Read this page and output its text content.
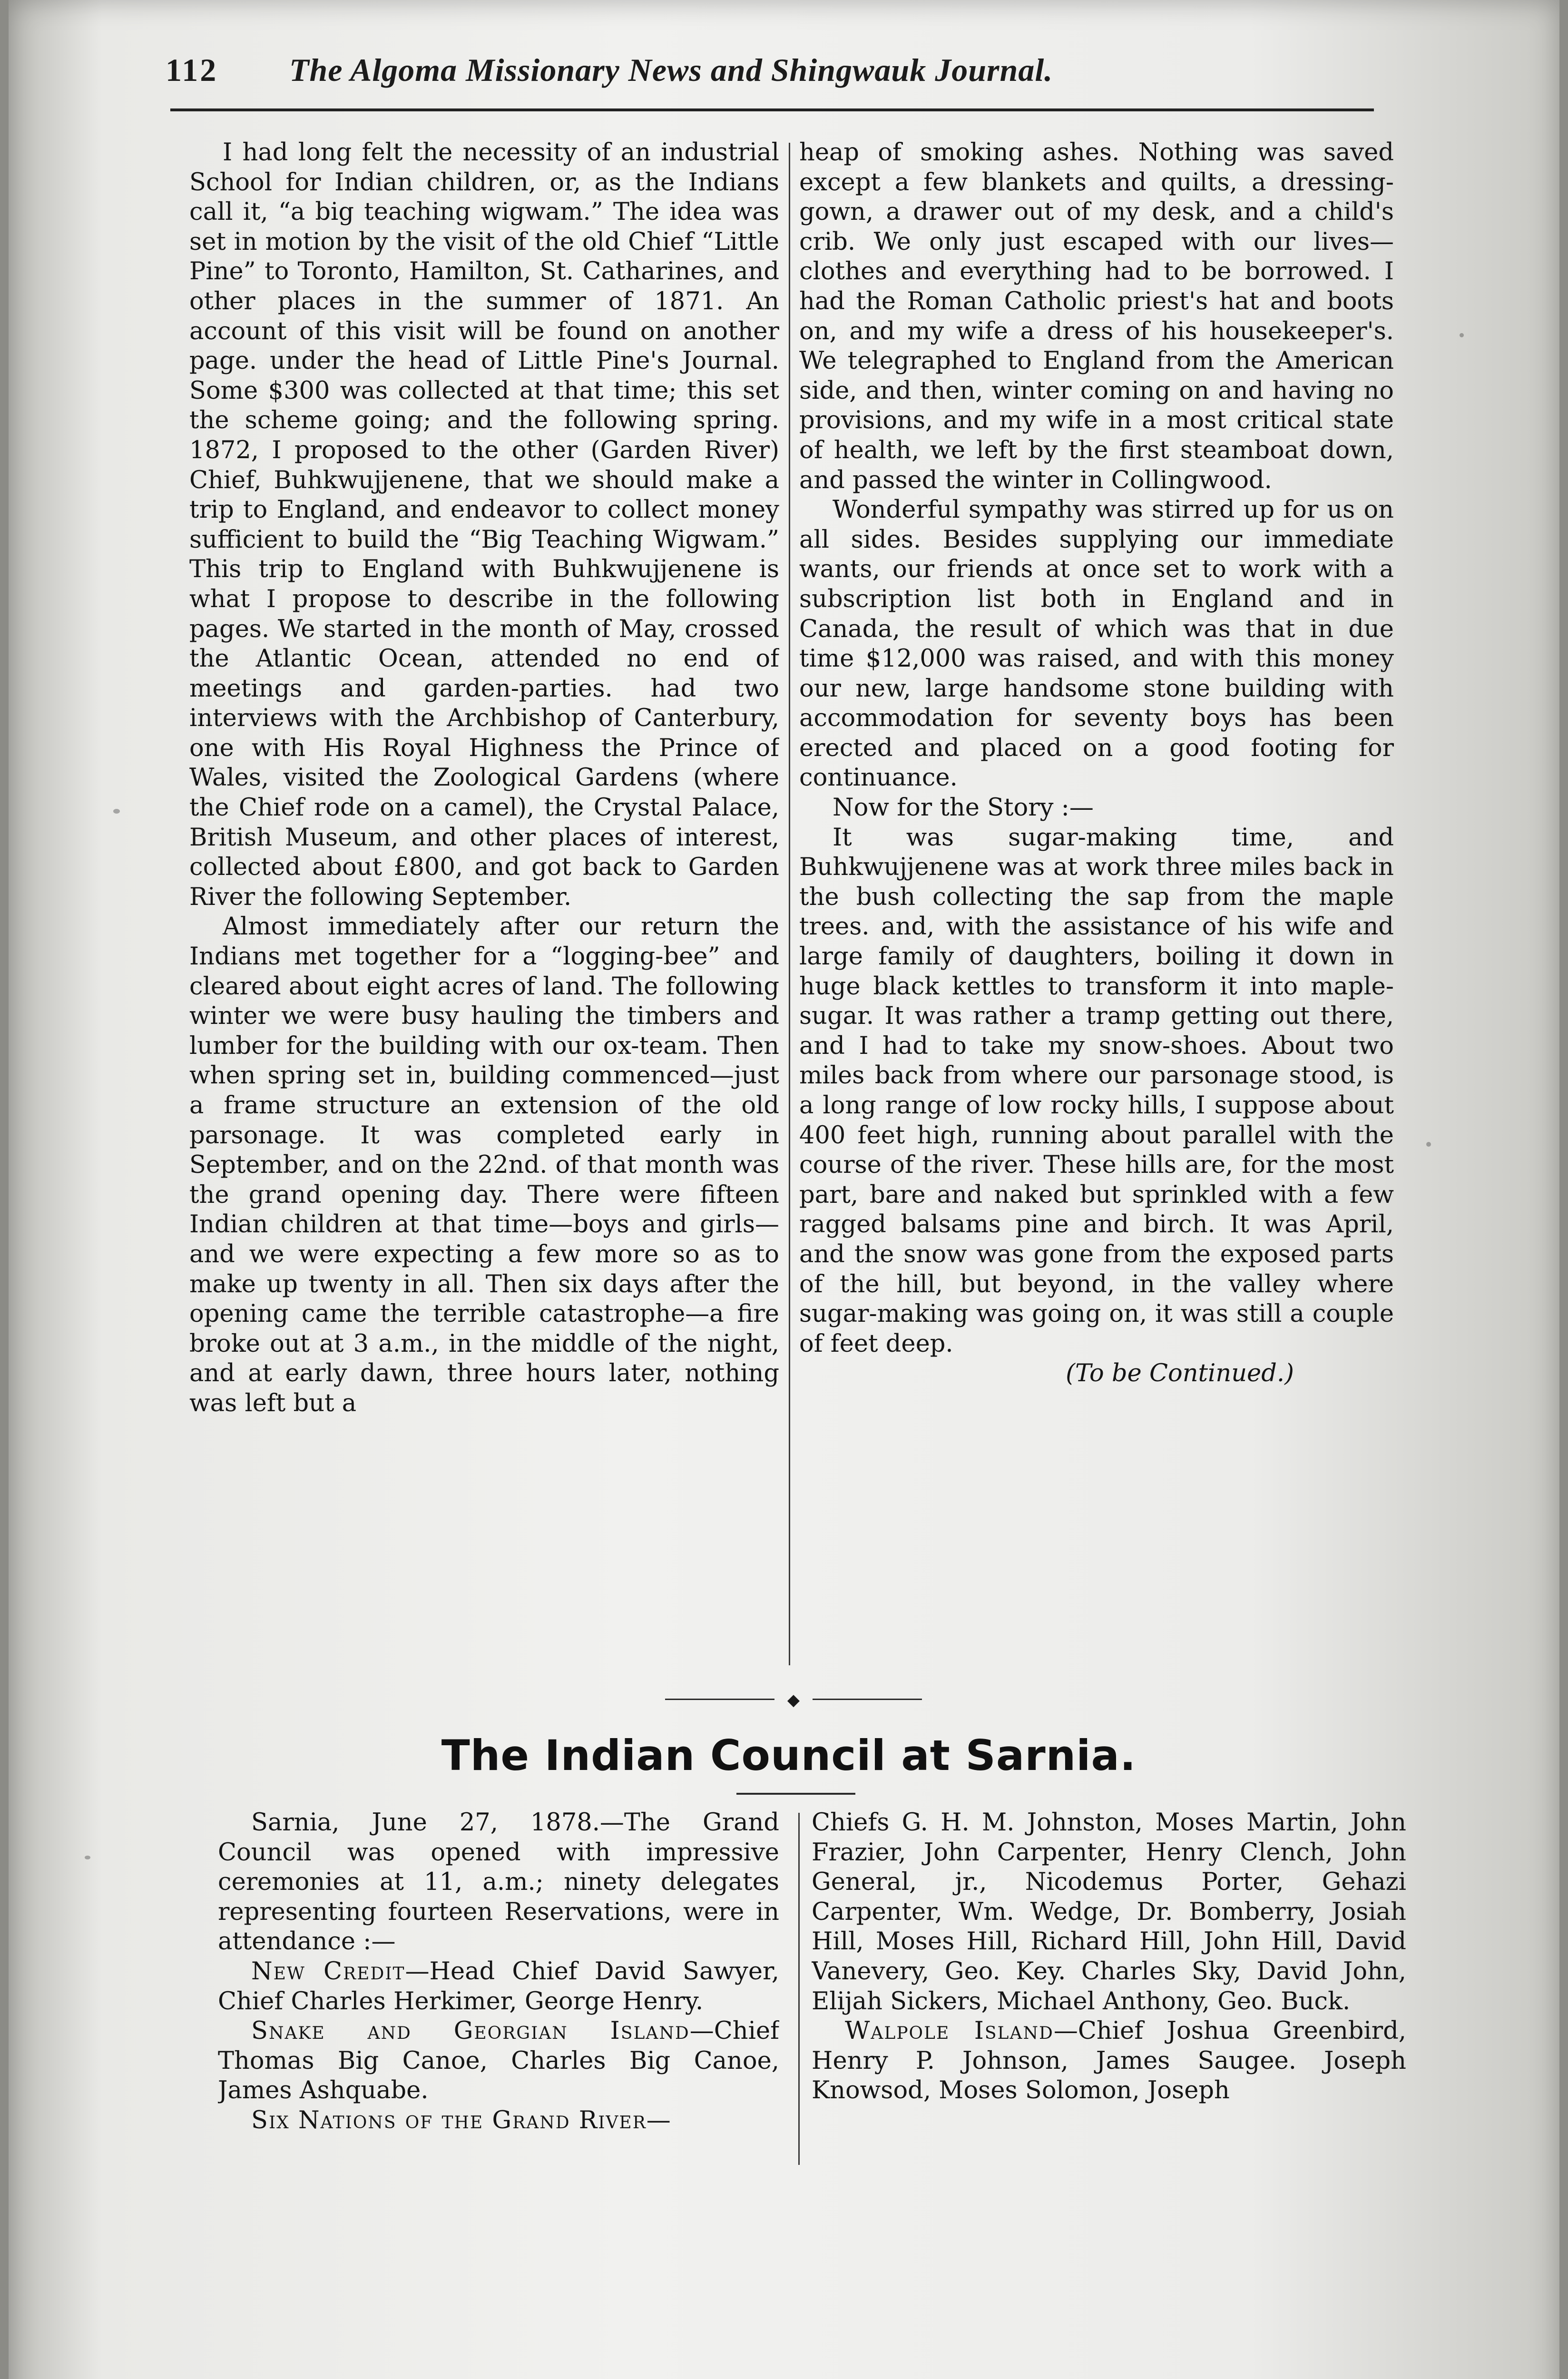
112 The Algoma Missionary News and Shingwauk Journal.

I had long felt the necessity of an industrial School for Indian children, or, as the Indians call it, “a big teaching wigwam.” The idea was set in motion by the visit of the old Chief “Little Pine” to Toronto, Hamilton, St. Catharines, and other places in the summer of 1871. An account of this visit will be found on another page. under the head of Little Pine's Journal. Some $300 was collected at that time; this set the scheme going; and the following spring. 1872, I proposed to the other (Garden River) Chief, Buhkwujjenene, that we should make a trip to England, and endeavor to collect money sufficient to build the “Big Teaching Wigwam.” This trip to England with Buhkwujjenene is what I propose to describe in the following pages. We started in the month of May, crossed the Atlantic Ocean, attended no end of meetings and garden-parties. had two interviews with the Archbishop of Canterbury, one with His Royal Highness the Prince of Wales, visited the Zoological Gardens (where the Chief rode on a camel), the Crystal Palace, British Museum, and other places of interest, collected about £800, and got back to Garden River the following September.

Almost immediately after our return the Indians met together for a “logging-bee” and cleared about eight acres of land. The following winter we were busy hauling the timbers and lumber for the building with our ox-team. Then when spring set in, building commenced—just a frame structure an extension of the old parsonage. It was completed early in September, and on the 22nd. of that month was the grand opening day. There were fifteen Indian children at that time—boys and girls—and we were expecting a few more so as to make up twenty in all. Then six days after the opening came the terrible catastrophe—a fire broke out at 3 a.m., in the middle of the night, and at early dawn, three hours later, nothing was left but a

heap of smoking ashes. Nothing was saved except a few blankets and quilts, a dressing-gown, a drawer out of my desk, and a child's crib. We only just escaped with our lives—clothes and everything had to be borrowed. I had the Roman Catholic priest's hat and boots on, and my wife a dress of his housekeeper's. We telegraphed to England from the American side, and then, winter coming on and having no provisions, and my wife in a most critical state of health, we left by the first steamboat down, and passed the winter in Collingwood.

Wonderful sympathy was stirred up for us on all sides. Besides supplying our immediate wants, our friends at once set to work with a subscription list both in England and in Canada, the result of which was that in due time $12,000 was raised, and with this money our new, large handsome stone building with accommodation for seventy boys has been erected and placed on a good footing for continuance.

Now for the Story :—

It was sugar-making time, and Buhkwujjenene was at work three miles back in the bush collecting the sap from the maple trees. and, with the assistance of his wife and large family of daughters, boiling it down in huge black kettles to transform it into maple-sugar. It was rather a tramp getting out there, and I had to take my snow-shoes. About two miles back from where our parsonage stood, is a long range of low rocky hills, I suppose about 400 feet high, running about parallel with the course of the river. These hills are, for the most part, bare and naked but sprinkled with a few ragged balsams pine and birch. It was April, and the snow was gone from the exposed parts of the hill, but beyond, in the valley where sugar-making was going on, it was still a couple of feet deep.

(To be Continued.)

◆
The Indian Council at Sarnia.

Sarnia, June 27, 1878.—The Grand Council was opened with impressive ceremonies at 11, a.m.; ninety delegates representing fourteen Reservations, were in attendance :—

New Credit—Head Chief David Sawyer, Chief Charles Herkimer, George Henry.

Snake and Georgian Island—Chief Thomas Big Canoe, Charles Big Canoe, James Ashquabe.

Six Nations of the Grand River—

Chiefs G. H. M. Johnston, Moses Martin, John Frazier, John Carpenter, Henry Clench, John General, jr., Nicodemus Porter, Gehazi Carpenter, Wm. Wedge, Dr. Bomberry, Josiah Hill, Moses Hill, Richard Hill, John Hill, David Vanevery, Geo. Key. Charles Sky, David John, Elijah Sickers, Michael Anthony, Geo. Buck.

Walpole Island—Chief Joshua Greenbird, Henry P. Johnson, James Saugee. Joseph Knowsod, Moses Solomon, Joseph
